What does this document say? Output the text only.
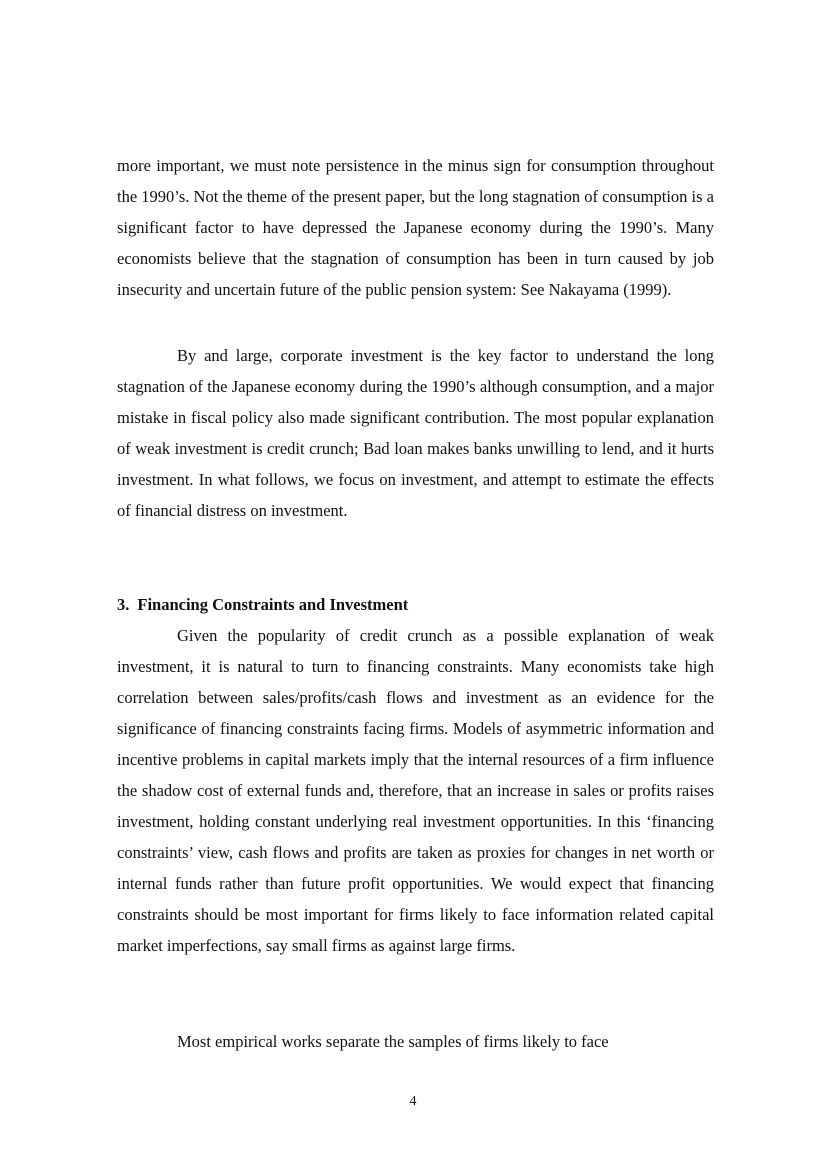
more important, we must note persistence in the minus sign for consumption throughout the 1990’s. Not the theme of the present paper, but the long stagnation of consumption is a significant factor to have depressed the Japanese economy during the 1990’s. Many economists believe that the stagnation of consumption has been in turn caused by job insecurity and uncertain future of the public pension system: See Nakayama (1999).

By and large, corporate investment is the key factor to understand the long stagnation of the Japanese economy during the 1990’s although consumption, and a major mistake in fiscal policy also made significant contribution. The most popular explanation of weak investment is credit crunch; Bad loan makes banks unwilling to lend, and it hurts investment. In what follows, we focus on investment, and attempt to estimate the effects of financial distress on investment.

3. Financing Constraints and Investment

Given the popularity of credit crunch as a possible explanation of weak investment, it is natural to turn to financing constraints. Many economists take high correlation between sales/profits/cash flows and investment as an evidence for the significance of financing constraints facing firms. Models of asymmetric information and incentive problems in capital markets imply that the internal resources of a firm influence the shadow cost of external funds and, therefore, that an increase in sales or profits raises investment, holding constant underlying real investment opportunities. In this ‘financing constraints’ view, cash flows and profits are taken as proxies for changes in net worth or internal funds rather than future profit opportunities. We would expect that financing constraints should be most important for firms likely to face information related capital market imperfections, say small firms as against large firms.

Most empirical works separate the samples of firms likely to face

4
